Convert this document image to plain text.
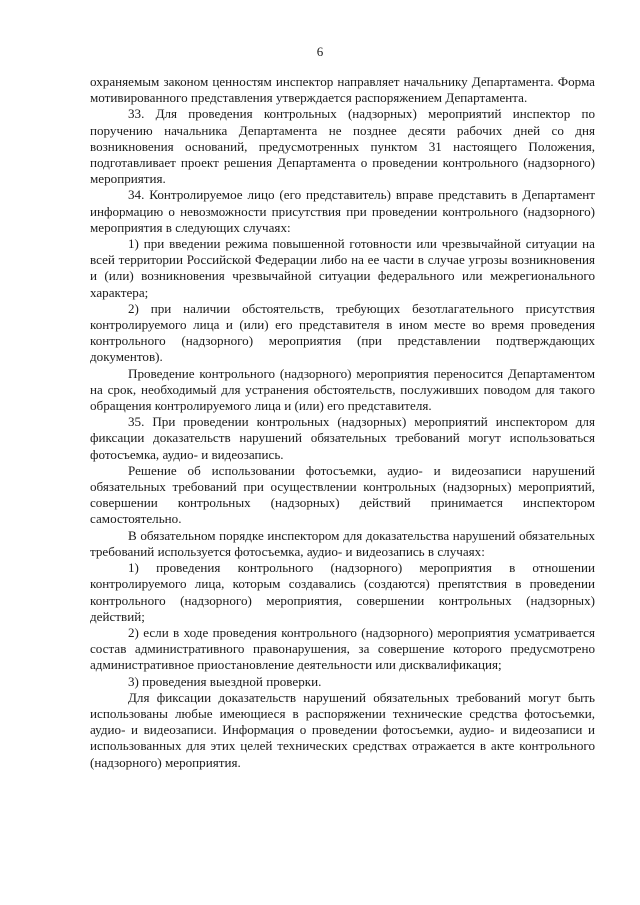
6

охраняемым законом ценностям инспектор направляет начальнику Департамента. Форма мотивированного представления утверждается распоряжением Департамента.

33. Для проведения контрольных (надзорных) мероприятий инспектор по поручению начальника Департамента не позднее десяти рабочих дней со дня возникновения оснований, предусмотренных пунктом 31 настоящего Положения, подготавливает проект решения Департамента о проведении контрольного (надзорного) мероприятия.

34. Контролируемое лицо (его представитель) вправе представить в Департамент информацию о невозможности присутствия при проведении контрольного (надзорного) мероприятия в следующих случаях:

1) при введении режима повышенной готовности или чрезвычайной ситуации на всей территории Российской Федерации либо на ее части в случае угрозы возникновения и (или) возникновения чрезвычайной ситуации федерального или межрегионального характера;

2) при наличии обстоятельств, требующих безотлагательного присутствия контролируемого лица и (или) его представителя в ином месте во время проведения контрольного (надзорного) мероприятия (при представлении подтверждающих документов).

Проведение контрольного (надзорного) мероприятия переносится Департаментом на срок, необходимый для устранения обстоятельств, послуживших поводом для такого обращения контролируемого лица и (или) его представителя.

35. При проведении контрольных (надзорных) мероприятий инспектором для фиксации доказательств нарушений обязательных требований могут использоваться фотосъемка, аудио- и видеозапись.

Решение об использовании фотосъемки, аудио- и видеозаписи нарушений обязательных требований при осуществлении контрольных (надзорных) мероприятий, совершении контрольных (надзорных) действий принимается инспектором самостоятельно.

В обязательном порядке инспектором для доказательства нарушений обязательных требований используется фотосъемка, аудио- и видеозапись в случаях:

1) проведения контрольного (надзорного) мероприятия в отношении контролируемого лица, которым создавались (создаются) препятствия в проведении контрольного (надзорного) мероприятия, совершении контрольных (надзорных) действий;

2) если в ходе проведения контрольного (надзорного) мероприятия усматривается состав административного правонарушения, за совершение которого предусмотрено административное приостановление деятельности или дисквалификация;

3) проведения выездной проверки.

Для фиксации доказательств нарушений обязательных требований могут быть использованы любые имеющиеся в распоряжении технические средства фотосъемки, аудио- и видеозаписи. Информация о проведении фотосъемки, аудио- и видеозаписи и использованных для этих целей технических средствах отражается в акте контрольного (надзорного) мероприятия.
